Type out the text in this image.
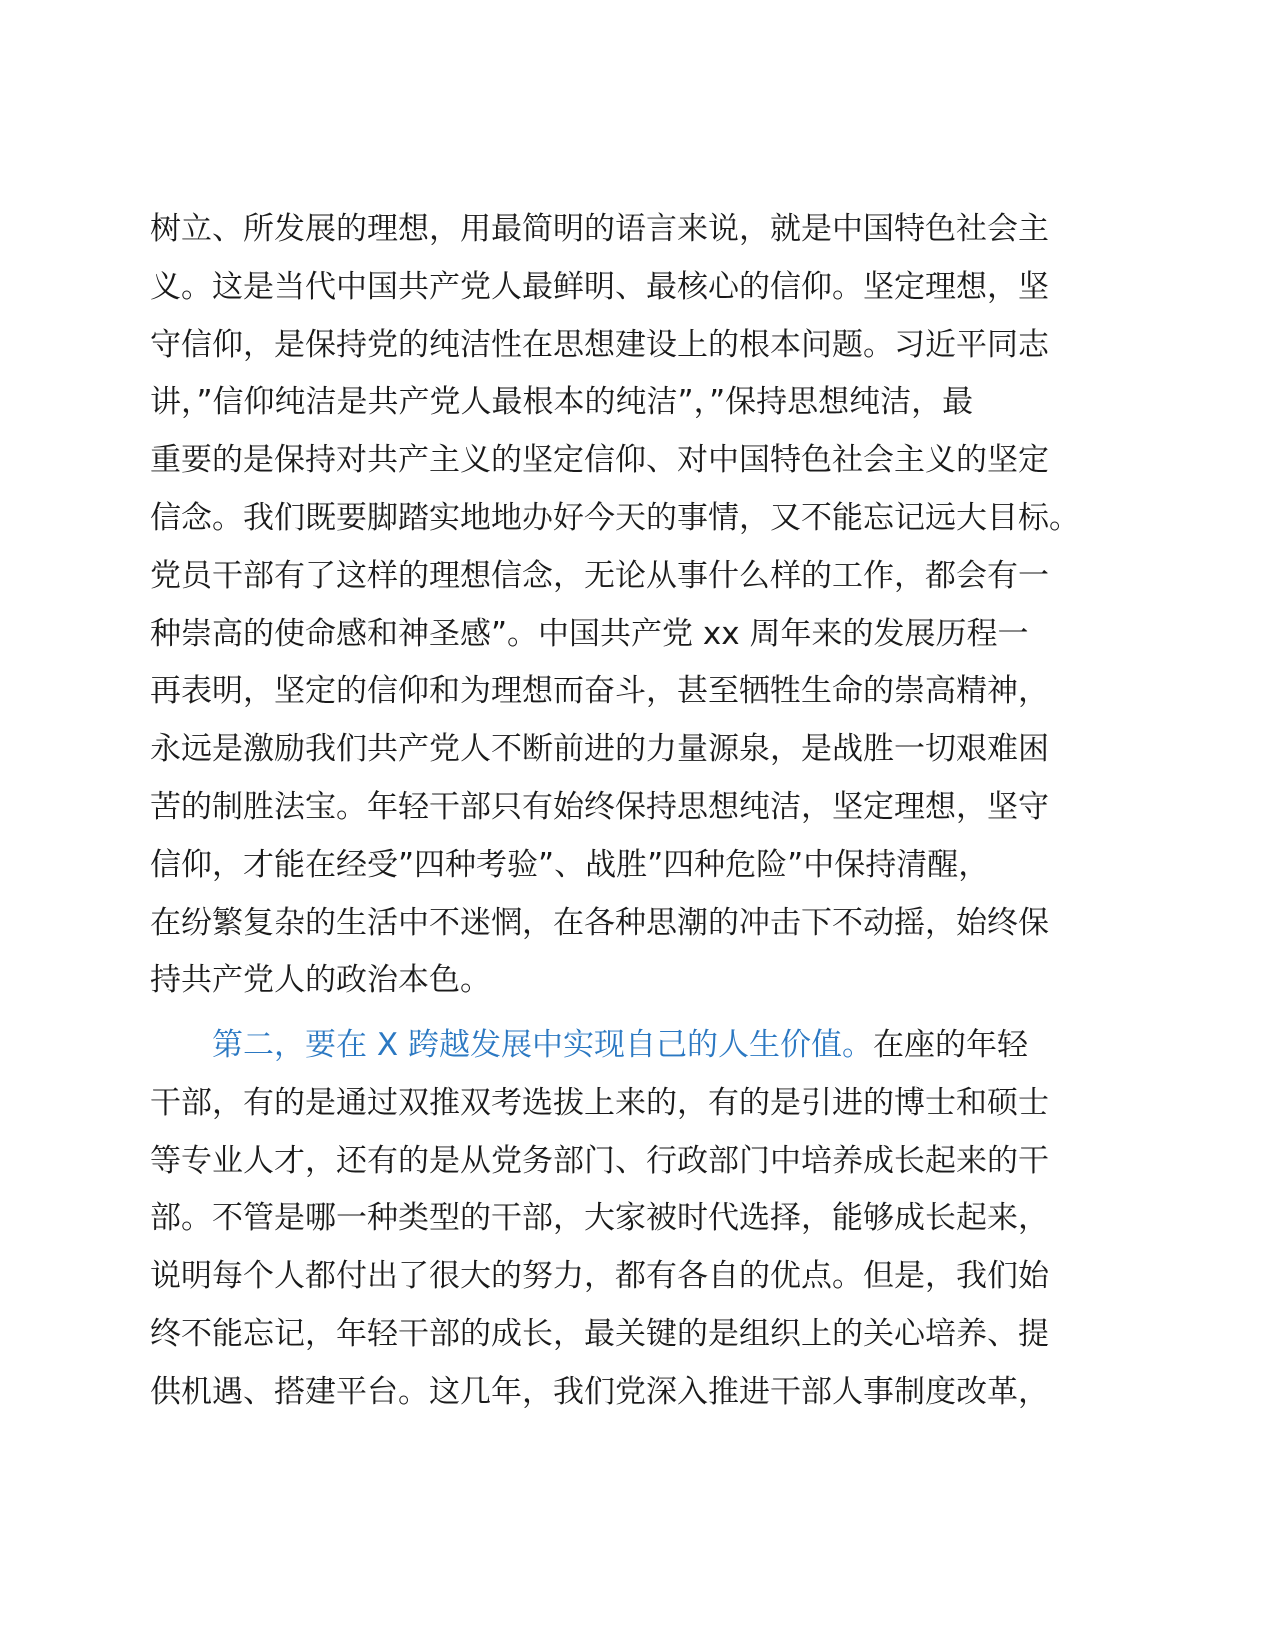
树立、所发展的理想，用最简明的语言来说，就是中国特色社会主
义。这是当代中国共产党人最鲜明、最核心的信仰。坚定理想，坚
守信仰，是保持党的纯洁性在思想建设上的根本问题。习近平同志
讲，”信仰纯洁是共产党人最根本的纯洁”，”保持思想纯洁，最
重要的是保持对共产主义的坚定信仰、对中国特色社会主义的坚定
信念。我们既要脚踏实地地办好今天的事情，又不能忘记远大目标。
党员干部有了这样的理想信念，无论从事什么样的工作，都会有一
种崇高的使命感和神圣感”。中国共产党 xx 周年来的发展历程一
再表明，坚定的信仰和为理想而奋斗，甚至牺牲生命的崇高精神，
永远是激励我们共产党人不断前进的力量源泉，是战胜一切艰难困
苦的制胜法宝。年轻干部只有始终保持思想纯洁，坚定理想，坚守
信仰，才能在经受”四种考验”、战胜”四种危险”中保持清醒，
在纷繁复杂的生活中不迷惘，在各种思潮的冲击下不动摇，始终保
持共产党人的政治本色。
第二，要在 X 跨越发展中实现自己的人生价值。在座的年轻
干部，有的是通过双推双考选拔上来的，有的是引进的博士和硕士
等专业人才，还有的是从党务部门、行政部门中培养成长起来的干
部。不管是哪一种类型的干部，大家被时代选择，能够成长起来，
说明每个人都付出了很大的努力，都有各自的优点。但是，我们始
终不能忘记，年轻干部的成长，最关键的是组织上的关心培养、提
供机遇、搭建平台。这几年，我们党深入推进干部人事制度改革，
